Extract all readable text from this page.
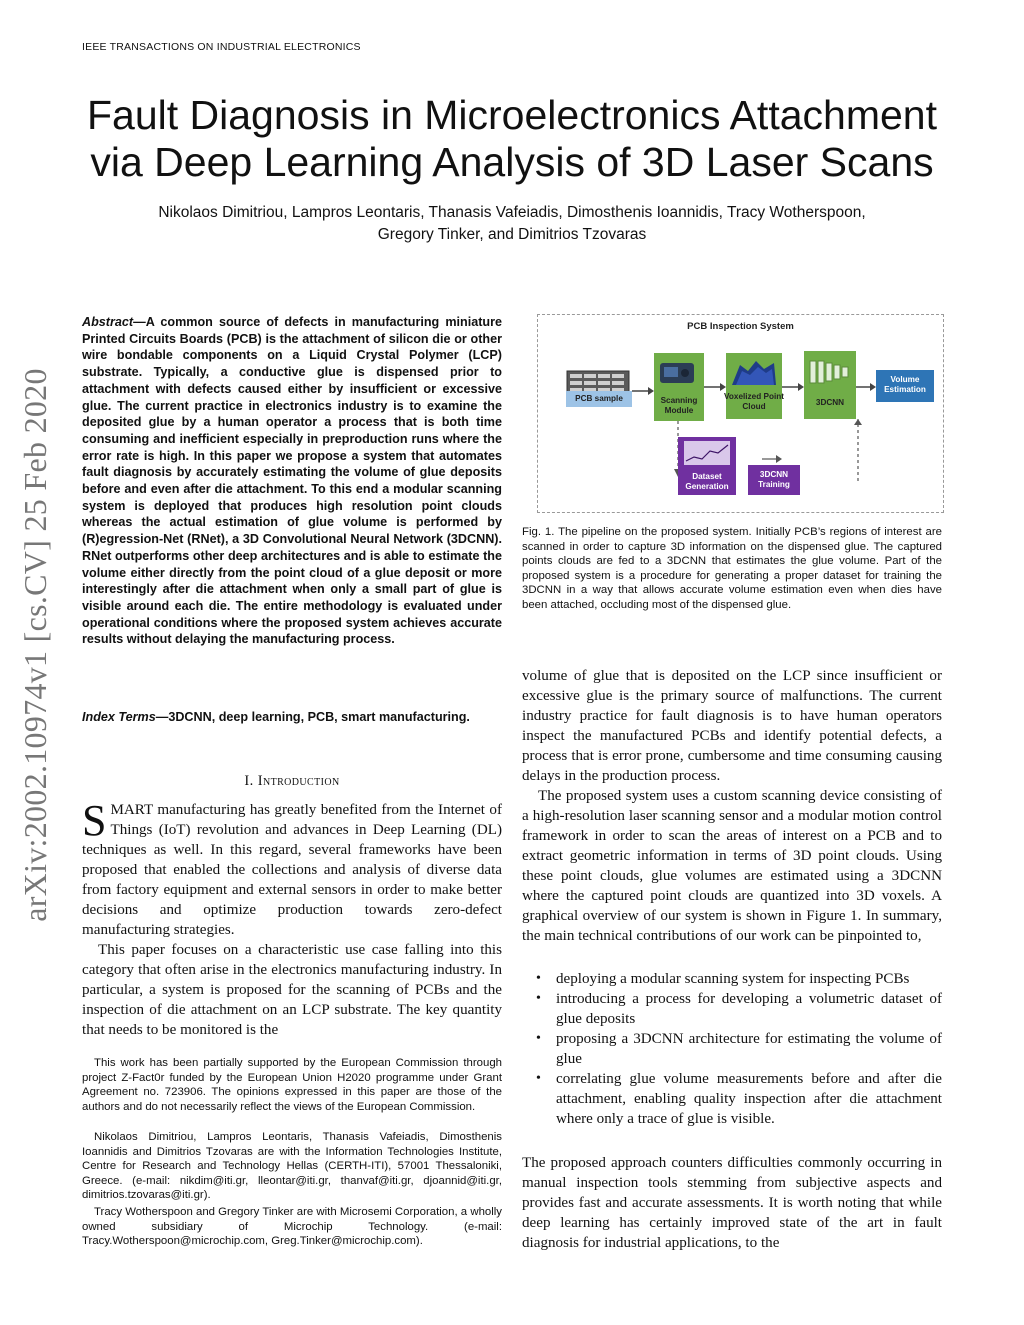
IEEE TRANSACTIONS ON INDUSTRIAL ELECTRONICS
Fault Diagnosis in Microelectronics Attachment
via Deep Learning Analysis of 3D Laser Scans
Nikolaos Dimitriou, Lampros Leontaris, Thanasis Vafeiadis, Dimosthenis Ioannidis, Tracy Wotherspoon,
Gregory Tinker, and Dimitrios Tzovaras
arXiv:2002.10974v1 [cs.CV] 25 Feb 2020
Abstract—A common source of defects in manufacturing miniature Printed Circuits Boards (PCB) is the attachment of silicon die or other wire bondable components on a Liquid Crystal Polymer (LCP) substrate. Typically, a conductive glue is dispensed prior to attachment with defects caused either by insufficient or excessive glue. The current practice in electronics industry is to examine the deposited glue by a human operator a process that is both time consuming and inefficient especially in preproduction runs where the error rate is high. In this paper we propose a system that automates fault diagnosis by accurately estimating the volume of glue deposits before and even after die attachment. To this end a modular scanning system is deployed that produces high resolution point clouds whereas the actual estimation of glue volume is performed by (R)egression-Net (RNet), a 3D Convolutional Neural Network (3DCNN). RNet outperforms other deep architectures and is able to estimate the volume either directly from the point cloud of a glue deposit or more interestingly after die attachment when only a small part of glue is visible around each die. The entire methodology is evaluated under operational conditions where the proposed system achieves accurate results without delaying the manufacturing process.
Index Terms—3DCNN, deep learning, PCB, smart manufacturing.
I. Introduction
SMART manufacturing has greatly benefited from the Internet of Things (IoT) revolution and advances in Deep Learning (DL) techniques as well. In this regard, several frameworks have been proposed that enabled the collections and analysis of diverse data from factory equipment and external sensors in order to make better decisions and optimize production towards zero-defect manufacturing strategies.
This paper focuses on a characteristic use case falling into this category that often arise in the electronics manufacturing industry. In particular, a system is proposed for the scanning of PCBs and the inspection of die attachment on an LCP substrate. The key quantity that needs to be monitored is the
This work has been partially supported by the European Commission through project Z-Fact0r funded by the European Union H2020 programme under Grant Agreement no. 723906. The opinions expressed in this paper are those of the authors and do not necessarily reflect the views of the European Commission.
Nikolaos Dimitriou, Lampros Leontaris, Thanasis Vafeiadis, Dimosthenis Ioannidis and Dimitrios Tzovaras are with the Information Technologies Institute, Centre for Research and Technology Hellas (CERTH-ITI), 57001 Thessaloniki, Greece. (e-mail: nikdim@iti.gr, lleontar@iti.gr, thanvaf@iti.gr, djoannid@iti.gr, dimitrios.tzovaras@iti.gr).
Tracy Wotherspoon and Gregory Tinker are with Microsemi Corporation, a wholly owned subsidiary of Microchip Technology. (e-mail: Tracy.Wotherspoon@microchip.com, Greg.Tinker@microchip.com).
PCB Inspection System
PCB sample	Scanning Module
Voxelized Point Cloud	3DCNN
Volume Estimation
Dataset Generation
3DCNN Training
Fig. 1. The pipeline on the proposed system. Initially PCB’s regions of interest are scanned in order to capture 3D information on the dispensed glue. The captured points clouds are fed to a 3DCNN that estimates the glue volume. Part of the proposed system is a procedure for generating a proper dataset for training the 3DCNN in a way that allows accurate volume estimation even when dies have been attached, occluding most of the dispensed glue.
volume of glue that is deposited on the LCP since insufficient or excessive glue is the primary source of malfunctions. The current industry practice for fault diagnosis is to have human operators inspect the manufactured PCBs and identify potential defects, a process that is error prone, cumbersome and time consuming causing delays in the production process.
The proposed system uses a custom scanning device consisting of a high-resolution laser scanning sensor and a modular motion control framework in order to scan the areas of interest on a PCB and to extract geometric information in terms of 3D point clouds. Using these point clouds, glue volumes are estimated using a 3DCNN where the captured point clouds are quantized into 3D voxels. A graphical overview of our system is shown in Figure 1. In summary, the main technical contributions of our work can be pinpointed to,
• deploying a modular scanning system for inspecting PCBs
• introducing a process for developing a volumetric dataset of glue deposits
• proposing a 3DCNN architecture for estimating the volume of glue
• correlating glue volume measurements before and after die attachment, enabling quality inspection after die attachment where only a trace of glue is visible.
The proposed approach counters difficulties commonly occurring in manual inspection tools stemming from subjective aspects and provides fast and accurate assessments. It is worth noting that while deep learning has certainly improved state of the art in fault diagnosis for industrial applications, to the
